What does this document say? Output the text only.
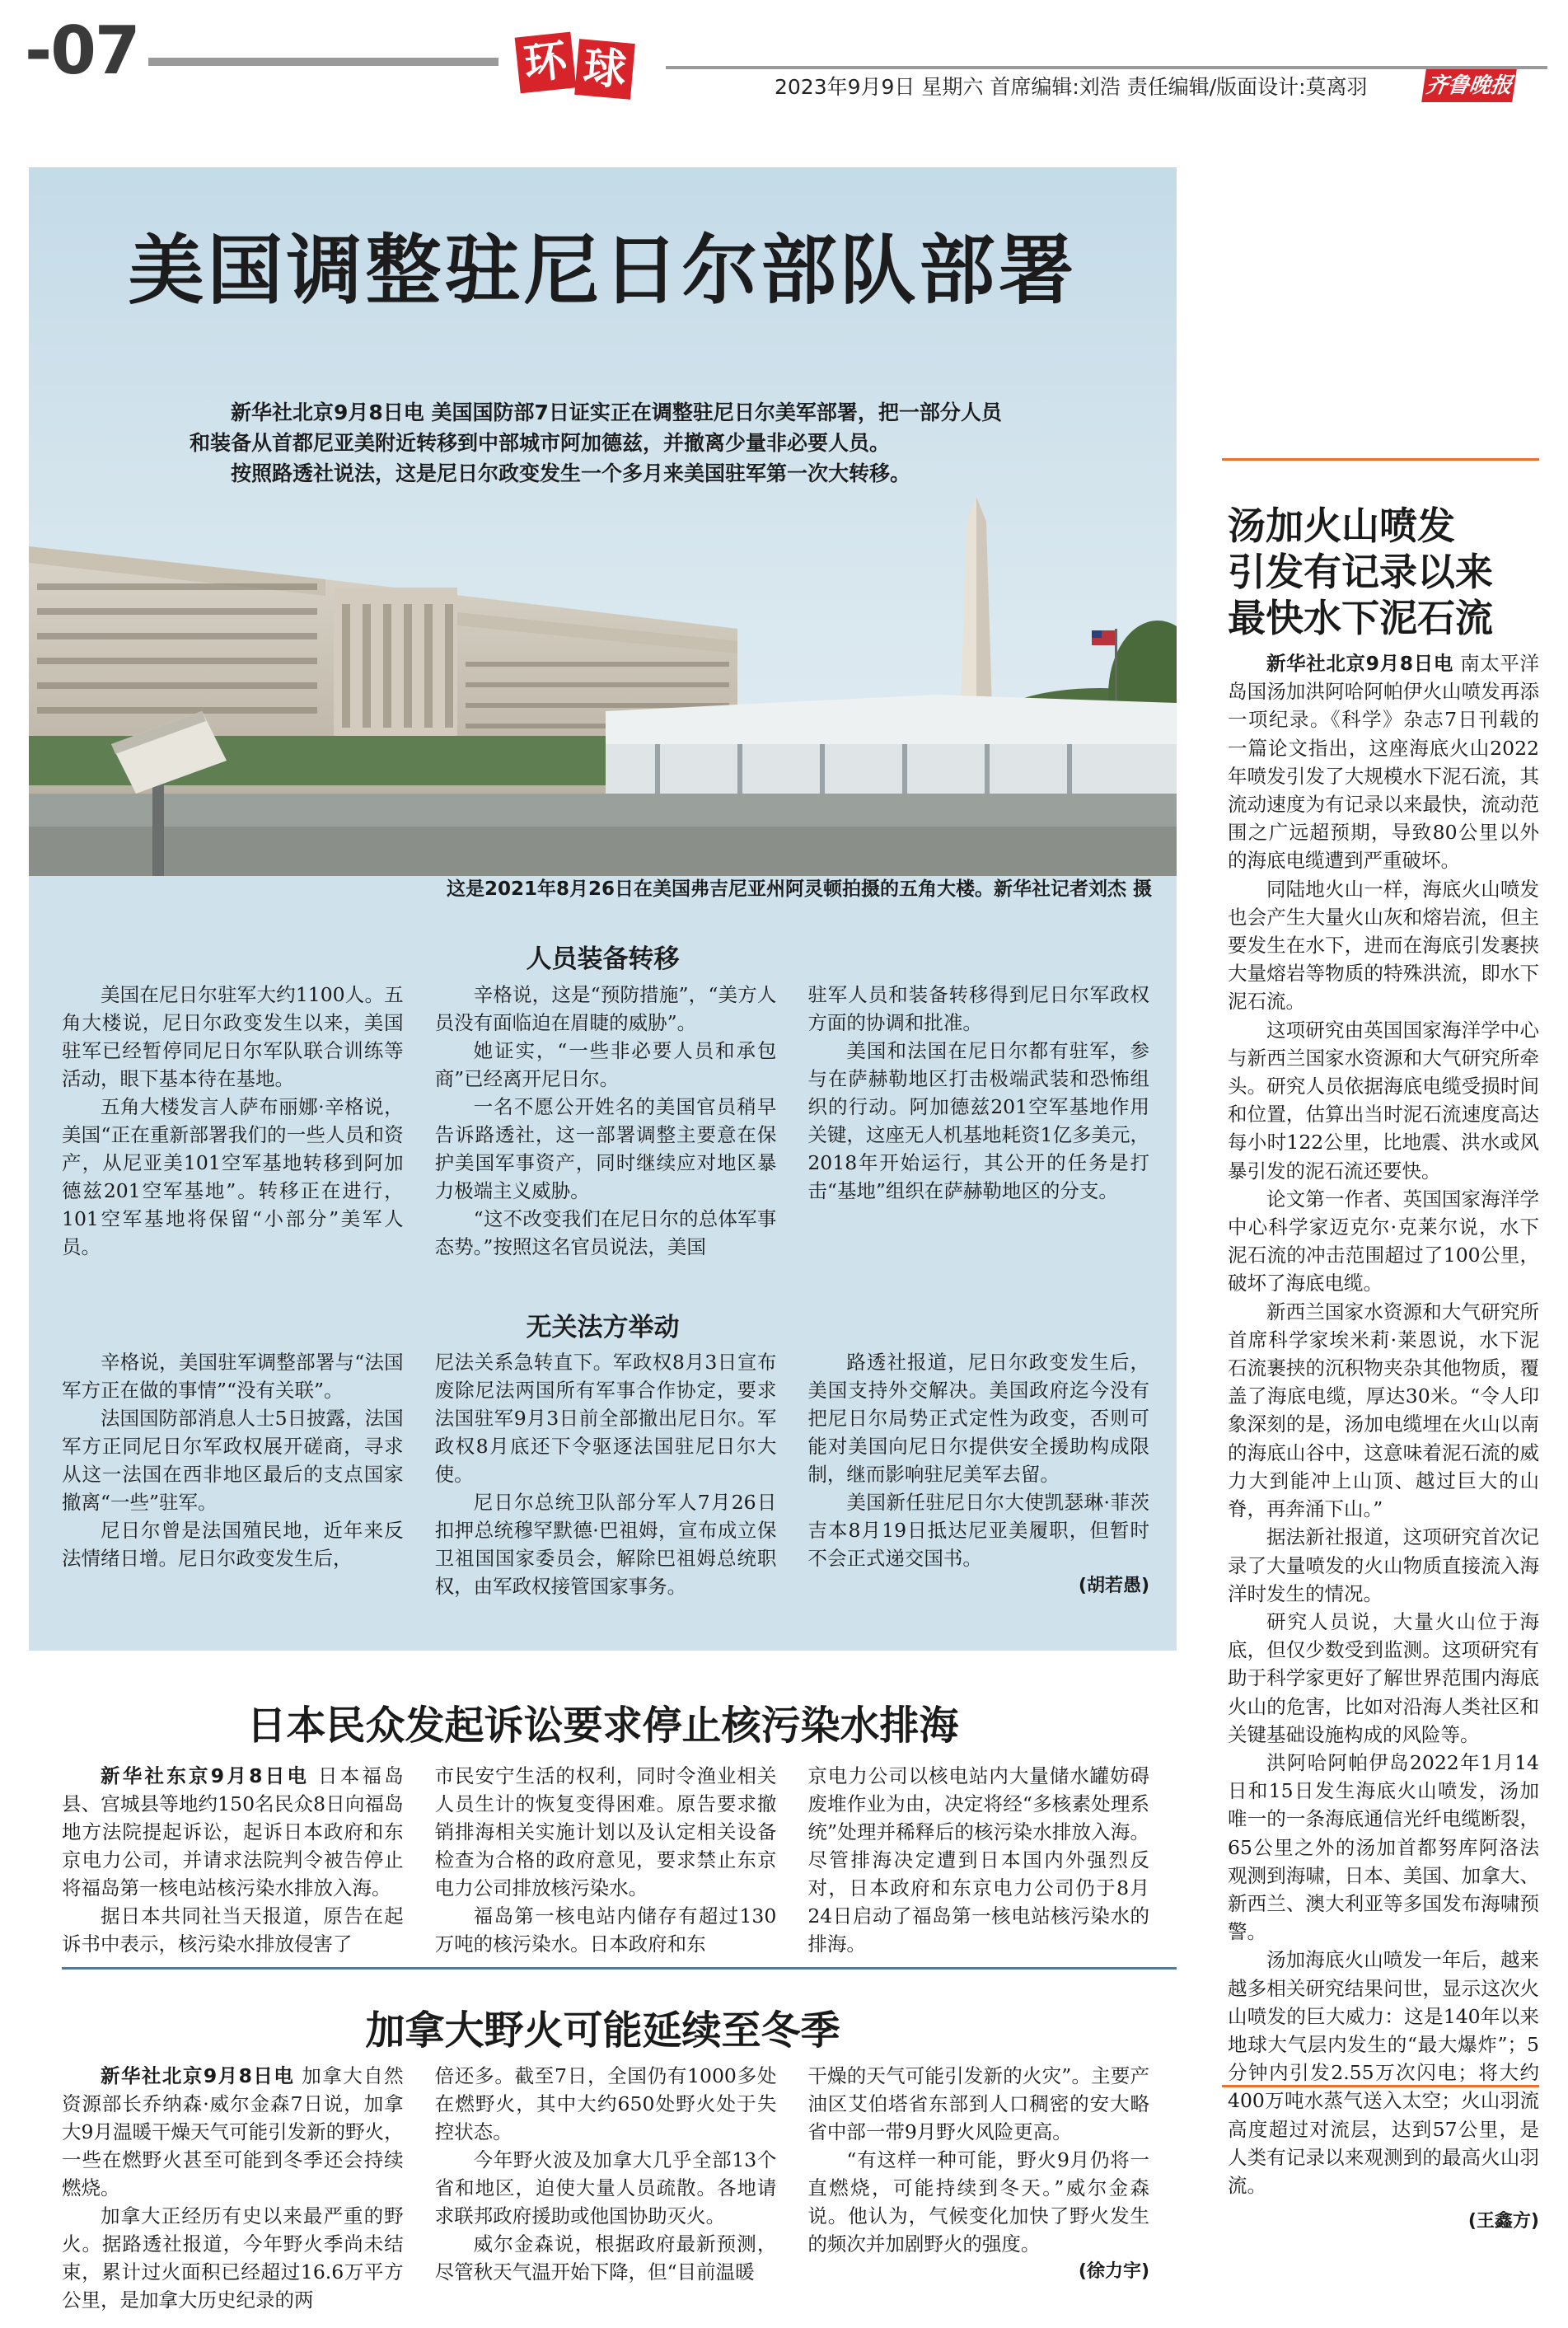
-07	环 球	2023年9月9日 星期六 首席编辑:刘浩 责任编辑/版面设计:莫离羽	齐鲁晚报
美国调整驻尼日尔部队部署

新华社北京9月8日电 美国国防部7日证实正在调整驻尼日尔美军部署，把一部分人员和装备从首都尼亚美附近转移到中部城市阿加德兹，并撤离少量非必要人员。

按照路透社说法，这是尼日尔政变发生一个多月来美国驻军第一次大转移。

这是2021年8月26日在美国弗吉尼亚州阿灵顿拍摄的五角大楼。新华社记者刘杰 摄
人员装备转移

美国在尼日尔驻军大约1100人。五角大楼说，尼日尔政变发生以来，美国驻军已经暂停同尼日尔军队联合训练等活动，眼下基本待在基地。

五角大楼发言人萨布丽娜·辛格说，美国“正在重新部署我们的一些人员和资产，从尼亚美101空军基地转移到阿加德兹201空军基地”。转移正在进行，101空军基地将保留“小部分”美军人员。

辛格说，这是“预防措施”，“美方人员没有面临迫在眉睫的威胁”。

她证实，“一些非必要人员和承包商”已经离开尼日尔。

一名不愿公开姓名的美国官员稍早告诉路透社，这一部署调整主要意在保护美国军事资产，同时继续应对地区暴力极端主义威胁。

“这不改变我们在尼日尔的总体军事态势。”按照这名官员说法，美国

驻军人员和装备转移得到尼日尔军政权方面的协调和批准。

美国和法国在尼日尔都有驻军，参与在萨赫勒地区打击极端武装和恐怖组织的行动。阿加德兹201空军基地作用关键，这座无人机基地耗资1亿多美元，2018年开始运行，其公开的任务是打击“基地”组织在萨赫勒地区的分支。

无关法方举动

辛格说，美国驻军调整部署与“法国军方正在做的事情”“没有关联”。

法国国防部消息人士5日披露，法国军方正同尼日尔军政权展开磋商，寻求从这一法国在西非地区最后的支点国家撤离“一些”驻军。

尼日尔曾是法国殖民地，近年来反法情绪日增。尼日尔政变发生后，

尼法关系急转直下。军政权8月3日宣布废除尼法两国所有军事合作协定，要求法国驻军9月3日前全部撤出尼日尔。军政权8月底还下令驱逐法国驻尼日尔大使。

尼日尔总统卫队部分军人7月26日扣押总统穆罕默德·巴祖姆，宣布成立保卫祖国国家委员会，解除巴祖姆总统职权，由军政权接管国家事务。

路透社报道，尼日尔政变发生后，美国支持外交解决。美国政府迄今没有把尼日尔局势正式定性为政变，否则可能对美国向尼日尔提供安全援助构成限制，继而影响驻尼美军去留。

美国新任驻尼日尔大使凯瑟琳·菲茨吉本8月19日抵达尼亚美履职，但暂时不会正式递交国书。

(胡若愚)
汤加火山喷发
引发有记录以来
最快水下泥石流

新华社北京9月8日电 南太平洋岛国汤加洪阿哈阿帕伊火山喷发再添一项纪录。《科学》杂志7日刊载的一篇论文指出，这座海底火山2022年喷发引发了大规模水下泥石流，其流动速度为有记录以来最快，流动范围之广远超预期，导致80公里以外的海底电缆遭到严重破坏。

同陆地火山一样，海底火山喷发也会产生大量火山灰和熔岩流，但主要发生在水下，进而在海底引发裹挟大量熔岩等物质的特殊洪流，即水下泥石流。

这项研究由英国国家海洋学中心与新西兰国家水资源和大气研究所牵头。研究人员依据海底电缆受损时间和位置，估算出当时泥石流速度高达每小时122公里，比地震、洪水或风暴引发的泥石流还要快。

论文第一作者、英国国家海洋学中心科学家迈克尔·克莱尔说，水下泥石流的冲击范围超过了100公里，破坏了海底电缆。

新西兰国家水资源和大气研究所首席科学家埃米莉·莱恩说，水下泥石流裹挟的沉积物夹杂其他物质，覆盖了海底电缆，厚达30米。“令人印象深刻的是，汤加电缆埋在火山以南的海底山谷中，这意味着泥石流的威力大到能冲上山顶、越过巨大的山脊，再奔涌下山。”

据法新社报道，这项研究首次记录了大量喷发的火山物质直接流入海洋时发生的情况。

研究人员说，大量火山位于海底，但仅少数受到监测。这项研究有助于科学家更好了解世界范围内海底火山的危害，比如对沿海人类社区和关键基础设施构成的风险等。

洪阿哈阿帕伊岛2022年1月14日和15日发生海底火山喷发，汤加唯一的一条海底通信光纤电缆断裂，65公里之外的汤加首都努库阿洛法观测到海啸，日本、美国、加拿大、新西兰、澳大利亚等多国发布海啸预警。

汤加海底火山喷发一年后，越来越多相关研究结果问世，显示这次火山喷发的巨大威力：这是140年以来地球大气层内发生的“最大爆炸”；5分钟内引发2.55万次闪电；将大约400万吨水蒸气送入太空；火山羽流高度超过对流层，达到57公里，是人类有记录以来观测到的最高火山羽流。

(王鑫方)
日本民众发起诉讼要求停止核污染水排海

新华社东京9月8日电 日本福岛县、宫城县等地约150名民众8日向福岛地方法院提起诉讼，起诉日本政府和东京电力公司，并请求法院判令被告停止将福岛第一核电站核污染水排放入海。

据日本共同社当天报道，原告在起诉书中表示，核污染水排放侵害了

市民安宁生活的权利，同时令渔业相关人员生计的恢复变得困难。原告要求撤销排海相关实施计划以及认定相关设备检查为合格的政府意见，要求禁止东京电力公司排放核污染水。

福岛第一核电站内储存有超过130万吨的核污染水。日本政府和东

京电力公司以核电站内大量储水罐妨碍废堆作业为由，决定将经“多核素处理系统”处理并稀释后的核污染水排放入海。尽管排海决定遭到日本国内外强烈反对，日本政府和东京电力公司仍于8月24日启动了福岛第一核电站核污染水的排海。

加拿大野火可能延续至冬季

新华社北京9月8日电 加拿大自然资源部长乔纳森·威尔金森7日说，加拿大9月温暖干燥天气可能引发新的野火，一些在燃野火甚至可能到冬季还会持续燃烧。

加拿大正经历有史以来最严重的野火。据路透社报道，今年野火季尚未结束，累计过火面积已经超过16.6万平方公里，是加拿大历史纪录的两

倍还多。截至7日，全国仍有1000多处在燃野火，其中大约650处野火处于失控状态。

今年野火波及加拿大几乎全部13个省和地区，迫使大量人员疏散。各地请求联邦政府援助或他国协助灭火。

威尔金森说，根据政府最新预测，尽管秋天气温开始下降，但“目前温暖

干燥的天气可能引发新的火灾”。主要产油区艾伯塔省东部到人口稠密的安大略省中部一带9月野火风险更高。

“有这样一种可能，野火9月仍将一直燃烧，可能持续到冬天。”威尔金森说。他认为，气候变化加快了野火发生的频次并加剧野火的强度。

(徐力宇)
